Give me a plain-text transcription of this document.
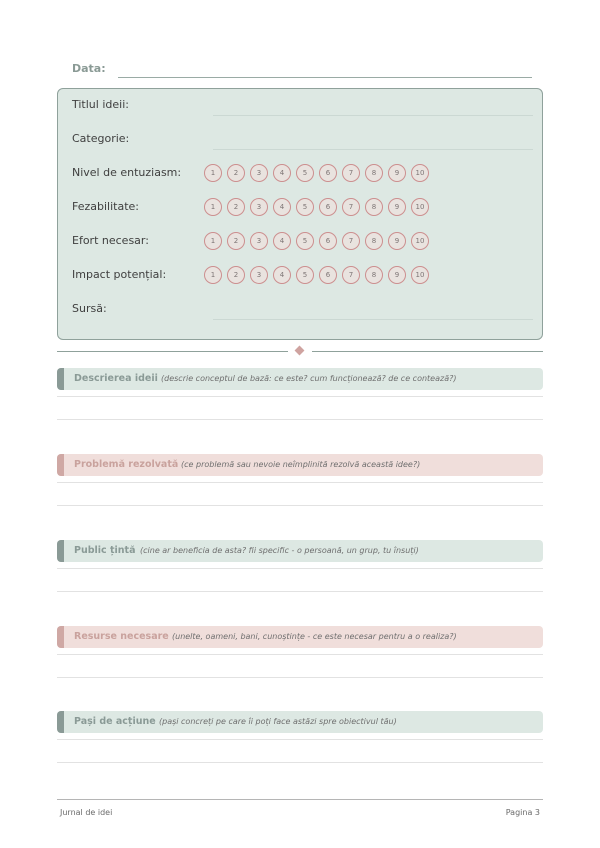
Data:
Titlul ideii:
Categorie:
Nivel de entuziasm:	1	2	3	4	5	6	7	8	9	10
Fezabilitate:	1	2	3	4	5	6	7	8	9	10
Efort necesar:	1	2	3	4	5	6	7	8	9	10
Impact potențial:	1	2	3	4	5	6	7	8	9	10
Sursă:
Descrierea ideii (descrie conceptul de bază: ce este? cum funcționează? de ce contează?)
Problemă rezolvată (ce problemă sau nevoie neîmplinită rezolvă această idee?)
Public țintă (cine ar beneficia de asta? fii specific - o persoană, un grup, tu însuți)
Resurse necesare (unelte, oameni, bani, cunoștințe - ce este necesar pentru a o realiza?)
Pași de acțiune (pași concreți pe care îi poți face astăzi spre obiectivul tău)
Jurnal de idei	Pagina 3
